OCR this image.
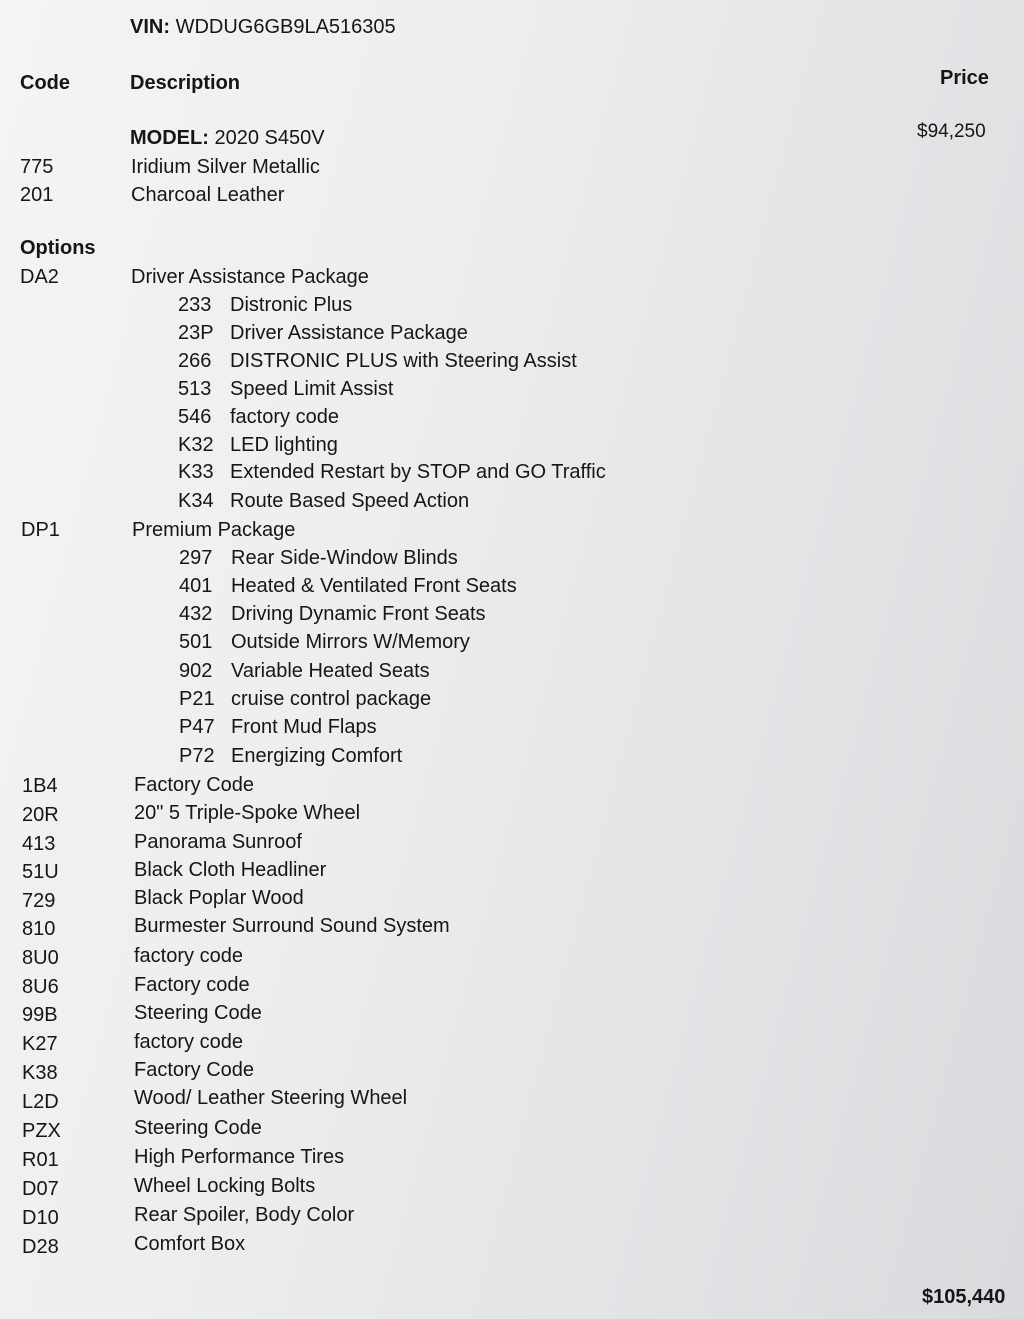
VIN: WDDUG6GB9LA516305
Code	Description	Price
MODEL: 2020 S450V	$94,250
775	Iridium Silver Metallic
201	Charcoal Leather
Options
DA2	Driver Assistance Package
233 Distronic Plus
23P Driver Assistance Package
266 DISTRONIC PLUS with Steering Assist
513 Speed Limit Assist
546 factory code
K32 LED lighting
K33 Extended Restart by STOP and GO Traffic
K34 Route Based Speed Action
DP1	Premium Package
297 Rear Side-Window Blinds
401 Heated & Ventilated Front Seats
432 Driving Dynamic Front Seats
501 Outside Mirrors W/Memory
902 Variable Heated Seats
P21 cruise control package
P47 Front Mud Flaps
P72 Energizing Comfort
1B4	Factory Code
20R	20" 5 Triple-Spoke Wheel
413	Panorama Sunroof
51U	Black Cloth Headliner
729	Black Poplar Wood
810	Burmester Surround Sound System
8U0	factory code
8U6	Factory code
99B	Steering Code
K27	factory code
K38	Factory Code
L2D	Wood/ Leather Steering Wheel
PZX	Steering Code
R01	High Performance Tires
D07	Wheel Locking Bolts
D10	Rear Spoiler, Body Color
D28	Comfort Box
$105,440
